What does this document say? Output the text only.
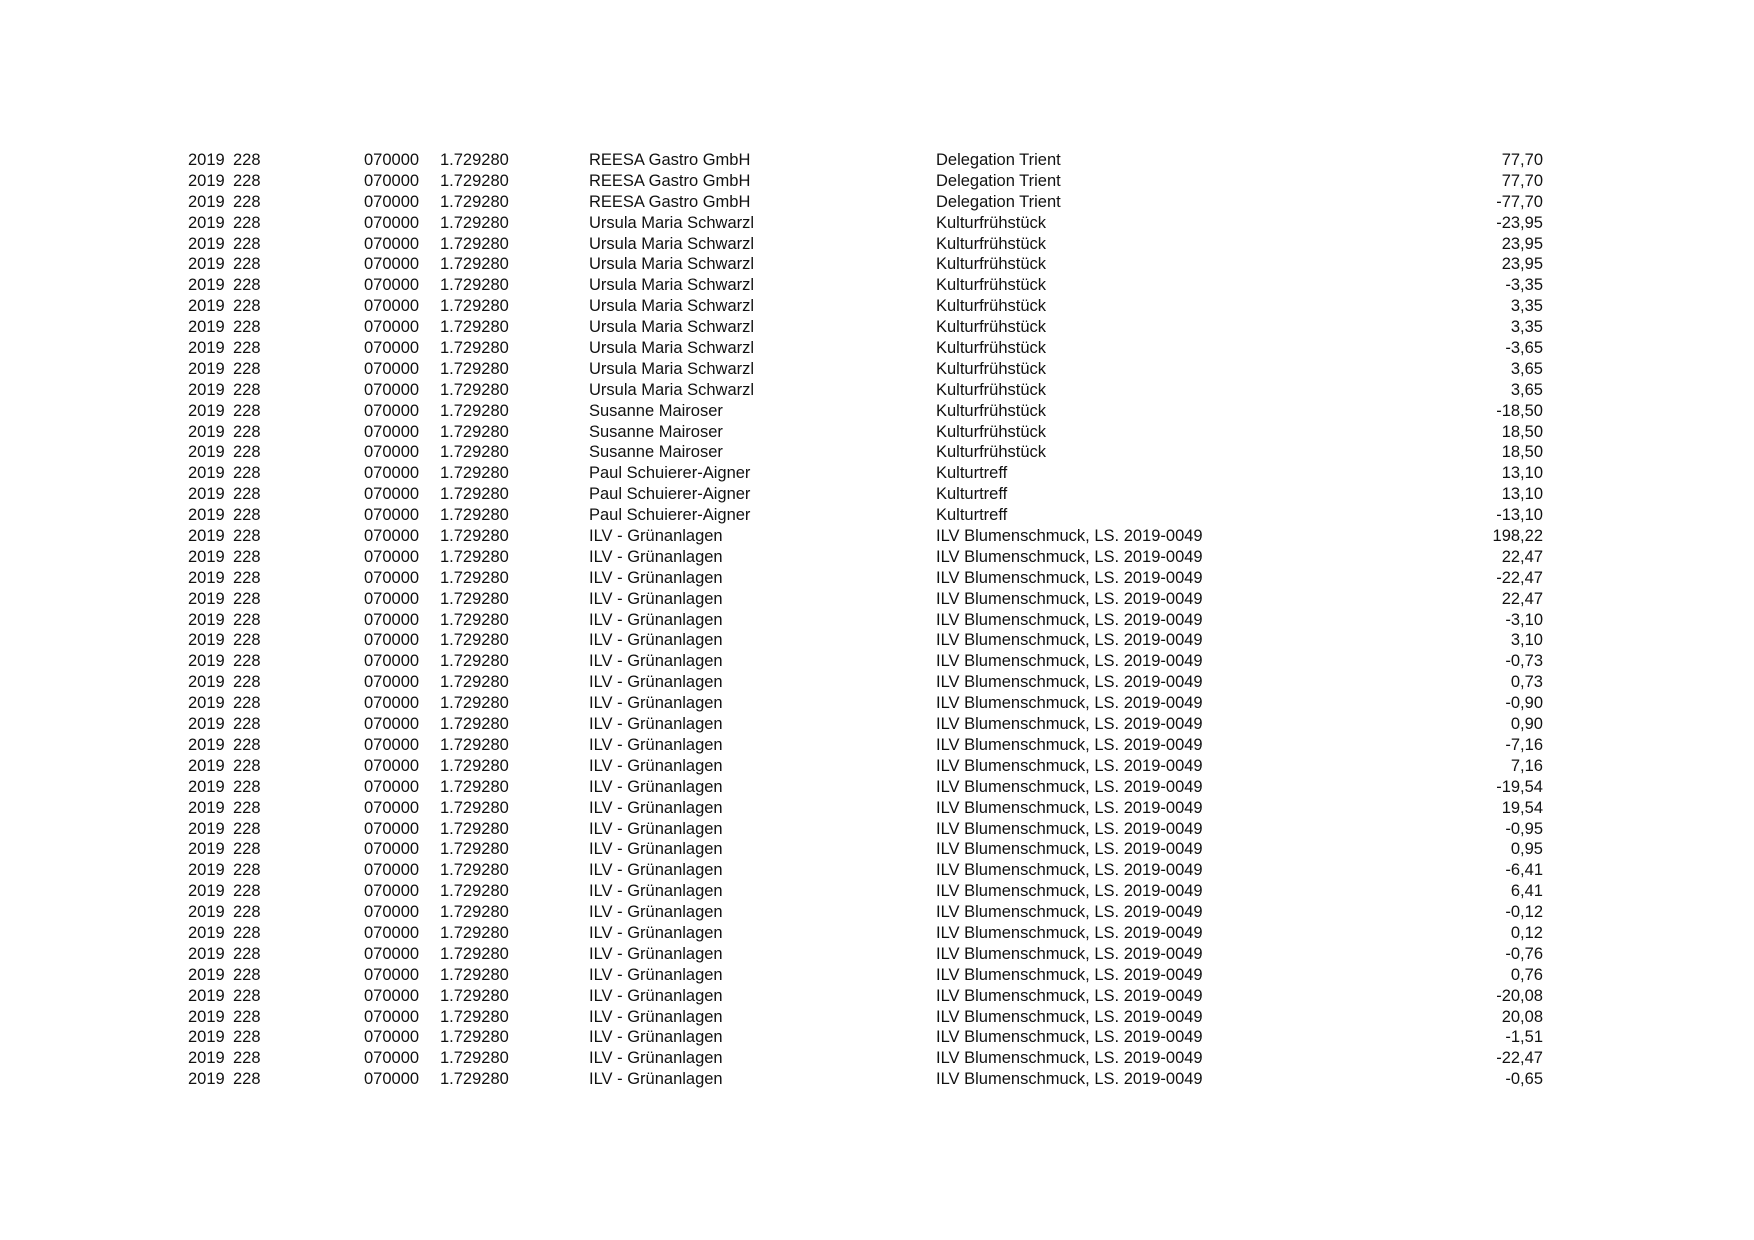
2019 228	070000 1.729280	REESA Gastro GmbH	Delegation Trient	77,70
2019 228	070000 1.729280	REESA Gastro GmbH	Delegation Trient	77,70
2019 228	070000 1.729280	REESA Gastro GmbH	Delegation Trient	-77,70
2019 228	070000 1.729280	Ursula Maria Schwarzl	Kulturfrühstück	-23,95
2019 228	070000 1.729280	Ursula Maria Schwarzl	Kulturfrühstück	23,95
2019 228	070000 1.729280	Ursula Maria Schwarzl	Kulturfrühstück	23,95
2019 228	070000 1.729280	Ursula Maria Schwarzl	Kulturfrühstück	-3,35
2019 228	070000 1.729280	Ursula Maria Schwarzl	Kulturfrühstück	3,35
2019 228	070000 1.729280	Ursula Maria Schwarzl	Kulturfrühstück	3,35
2019 228	070000 1.729280	Ursula Maria Schwarzl	Kulturfrühstück	-3,65
2019 228	070000 1.729280	Ursula Maria Schwarzl	Kulturfrühstück	3,65
2019 228	070000 1.729280	Ursula Maria Schwarzl	Kulturfrühstück	3,65
2019 228	070000 1.729280	Susanne Mairoser	Kulturfrühstück	-18,50
2019 228	070000 1.729280	Susanne Mairoser	Kulturfrühstück	18,50
2019 228	070000 1.729280	Susanne Mairoser	Kulturfrühstück	18,50
2019 228	070000 1.729280	Paul Schuierer-Aigner	Kulturtreff	13,10
2019 228	070000 1.729280	Paul Schuierer-Aigner	Kulturtreff	13,10
2019 228	070000 1.729280	Paul Schuierer-Aigner	Kulturtreff	-13,10
2019 228	070000 1.729280	ILV - Grünanlagen	ILV Blumenschmuck, LS. 2019-0049	198,22
2019 228	070000 1.729280	ILV - Grünanlagen	ILV Blumenschmuck, LS. 2019-0049	22,47
2019 228	070000 1.729280	ILV - Grünanlagen	ILV Blumenschmuck, LS. 2019-0049	-22,47
2019 228	070000 1.729280	ILV - Grünanlagen	ILV Blumenschmuck, LS. 2019-0049	22,47
2019 228	070000 1.729280	ILV - Grünanlagen	ILV Blumenschmuck, LS. 2019-0049	-3,10
2019 228	070000 1.729280	ILV - Grünanlagen	ILV Blumenschmuck, LS. 2019-0049	3,10
2019 228	070000 1.729280	ILV - Grünanlagen	ILV Blumenschmuck, LS. 2019-0049	-0,73
2019 228	070000 1.729280	ILV - Grünanlagen	ILV Blumenschmuck, LS. 2019-0049	0,73
2019 228	070000 1.729280	ILV - Grünanlagen	ILV Blumenschmuck, LS. 2019-0049	-0,90
2019 228	070000 1.729280	ILV - Grünanlagen	ILV Blumenschmuck, LS. 2019-0049	0,90
2019 228	070000 1.729280	ILV - Grünanlagen	ILV Blumenschmuck, LS. 2019-0049	-7,16
2019 228	070000 1.729280	ILV - Grünanlagen	ILV Blumenschmuck, LS. 2019-0049	7,16
2019 228	070000 1.729280	ILV - Grünanlagen	ILV Blumenschmuck, LS. 2019-0049	-19,54
2019 228	070000 1.729280	ILV - Grünanlagen	ILV Blumenschmuck, LS. 2019-0049	19,54
2019 228	070000 1.729280	ILV - Grünanlagen	ILV Blumenschmuck, LS. 2019-0049	-0,95
2019 228	070000 1.729280	ILV - Grünanlagen	ILV Blumenschmuck, LS. 2019-0049	0,95
2019 228	070000 1.729280	ILV - Grünanlagen	ILV Blumenschmuck, LS. 2019-0049	-6,41
2019 228	070000 1.729280	ILV - Grünanlagen	ILV Blumenschmuck, LS. 2019-0049	6,41
2019 228	070000 1.729280	ILV - Grünanlagen	ILV Blumenschmuck, LS. 2019-0049	-0,12
2019 228	070000 1.729280	ILV - Grünanlagen	ILV Blumenschmuck, LS. 2019-0049	0,12
2019 228	070000 1.729280	ILV - Grünanlagen	ILV Blumenschmuck, LS. 2019-0049	-0,76
2019 228	070000 1.729280	ILV - Grünanlagen	ILV Blumenschmuck, LS. 2019-0049	0,76
2019 228	070000 1.729280	ILV - Grünanlagen	ILV Blumenschmuck, LS. 2019-0049	-20,08
2019 228	070000 1.729280	ILV - Grünanlagen	ILV Blumenschmuck, LS. 2019-0049	20,08
2019 228	070000 1.729280	ILV - Grünanlagen	ILV Blumenschmuck, LS. 2019-0049	-1,51
2019 228	070000 1.729280	ILV - Grünanlagen	ILV Blumenschmuck, LS. 2019-0049	-22,47
2019 228	070000 1.729280	ILV - Grünanlagen	ILV Blumenschmuck, LS. 2019-0049	-0,65
